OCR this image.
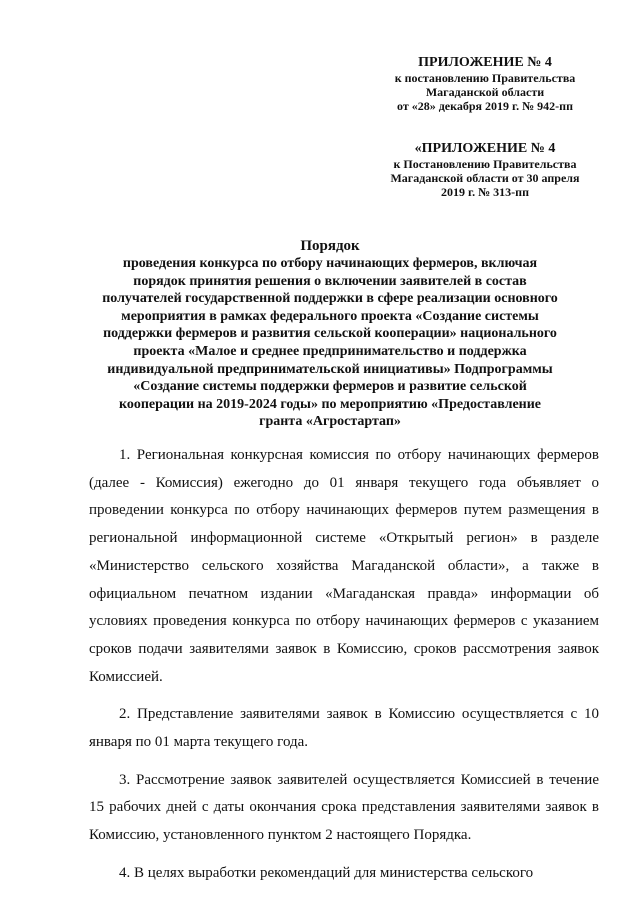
ПРИЛОЖЕНИЕ № 4
к постановлению Правительства
Магаданской области
от «28» декабря 2019 г. № 942-пп
«ПРИЛОЖЕНИЕ № 4
к Постановлению Правительства
Магаданской области от 30 апреля
2019 г. № 313-пп
Порядок
проведения конкурса по отбору начинающих фермеров, включая
порядок принятия решения о включении заявителей в состав
получателей государственной поддержки в сфере реализации основного
мероприятия в рамках федерального проекта «Создание системы
поддержки фермеров и развития сельской кооперации» национального
проекта «Малое и среднее предпринимательство и поддержка
индивидуальной предпринимательской инициативы» Подпрограммы
«Создание системы поддержки фермеров и развитие сельской
кооперации на 2019-2024 годы» по мероприятию «Предоставление
гранта «Агростартап»

1. Региональная конкурсная комиссия по отбору начинающих фермеров (далее - Комиссия) ежегодно до 01 января текущего года объявляет о проведении конкурса по отбору начинающих фермеров путем размещения в региональной информационной системе «Открытый регион» в разделе «Министерство сельского хозяйства Магаданской области», а также в официальном печатном издании «Магаданская правда» информации об условиях проведения конкурса по отбору начинающих фермеров с указанием сроков подачи заявителями заявок в Комиссию, сроков рассмотрения заявок Комиссией.

2. Представление заявителями заявок в Комиссию осуществляется с 10 января по 01 марта текущего года.

3. Рассмотрение заявок заявителей осуществляется Комиссией в течение 15 рабочих дней с даты окончания срока представления заявителями заявок в Комиссию, установленного пунктом 2 настоящего Порядка.

4. В целях выработки рекомендаций для министерства сельского
